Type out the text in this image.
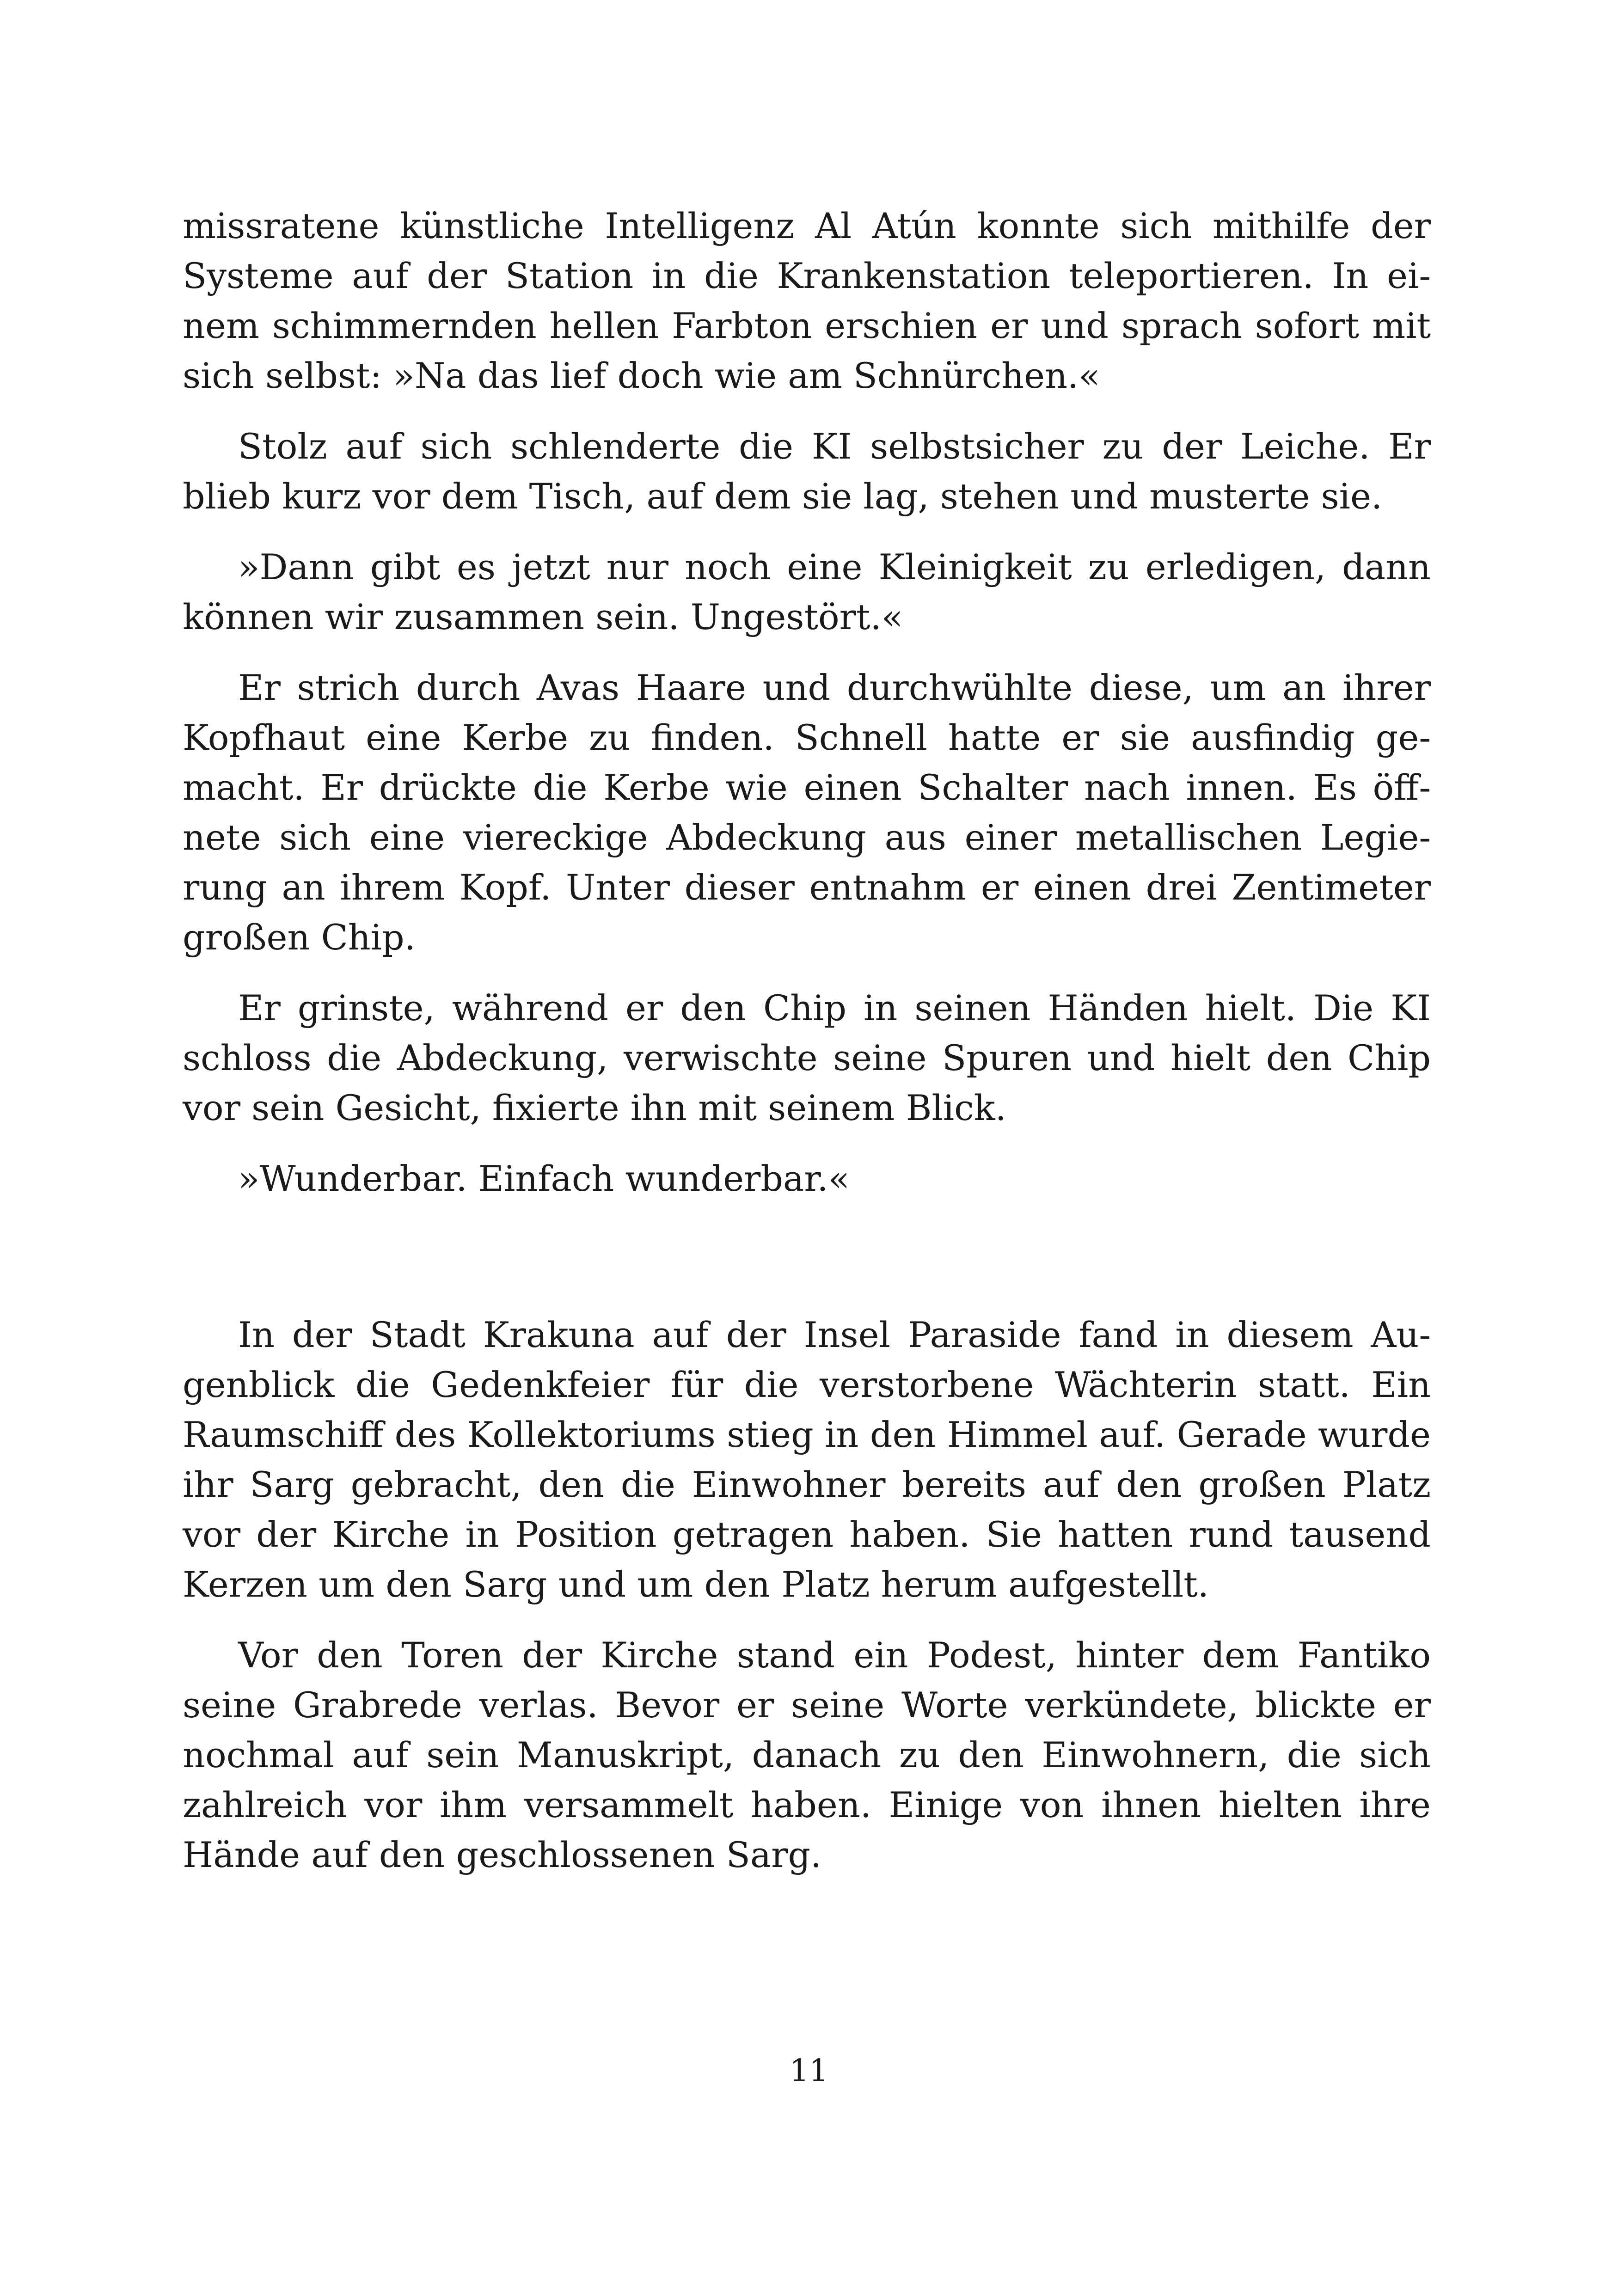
missratene künstliche Intelligenz Al Atún konnte sich mithilfe der Systeme auf der Station in die Krankenstation teleportieren. In einem schimmernden hellen Farbton erschien er und sprach sofort mit sich selbst: »Na das lief doch wie am Schnürchen.«

Stolz auf sich schlenderte die KI selbstsicher zu der Leiche. Er blieb kurz vor dem Tisch, auf dem sie lag, stehen und musterte sie.

»Dann gibt es jetzt nur noch eine Kleinigkeit zu erledigen, dann können wir zusammen sein. Ungestört.«

Er strich durch Avas Haare und durchwühlte diese, um an ihrer Kopfhaut eine Kerbe zu finden. Schnell hatte er sie ausfindig gemacht. Er drückte die Kerbe wie einen Schalter nach innen. Es öffnete sich eine viereckige Abdeckung aus einer metallischen Legierung an ihrem Kopf. Unter dieser entnahm er einen drei Zentimeter großen Chip.

Er grinste, während er den Chip in seinen Händen hielt. Die KI schloss die Abdeckung, verwischte seine Spuren und hielt den Chip vor sein Gesicht, fixierte ihn mit seinem Blick.

»Wunderbar. Einfach wunderbar.«

In der Stadt Krakuna auf der Insel Paraside fand in diesem Augenblick die Gedenkfeier für die verstorbene Wächterin statt. Ein Raumschiff des Kollektoriums stieg in den Himmel auf. Gerade wurde ihr Sarg gebracht, den die Einwohner bereits auf den großen Platz vor der Kirche in Position getragen haben. Sie hatten rund tausend Kerzen um den Sarg und um den Platz herum aufgestellt.

Vor den Toren der Kirche stand ein Podest, hinter dem Fantiko seine Grabrede verlas. Bevor er seine Worte verkündete, blickte er nochmal auf sein Manuskript, danach zu den Einwohnern, die sich zahlreich vor ihm versammelt haben. Einige von ihnen hielten ihre Hände auf den geschlossenen Sarg.

11
